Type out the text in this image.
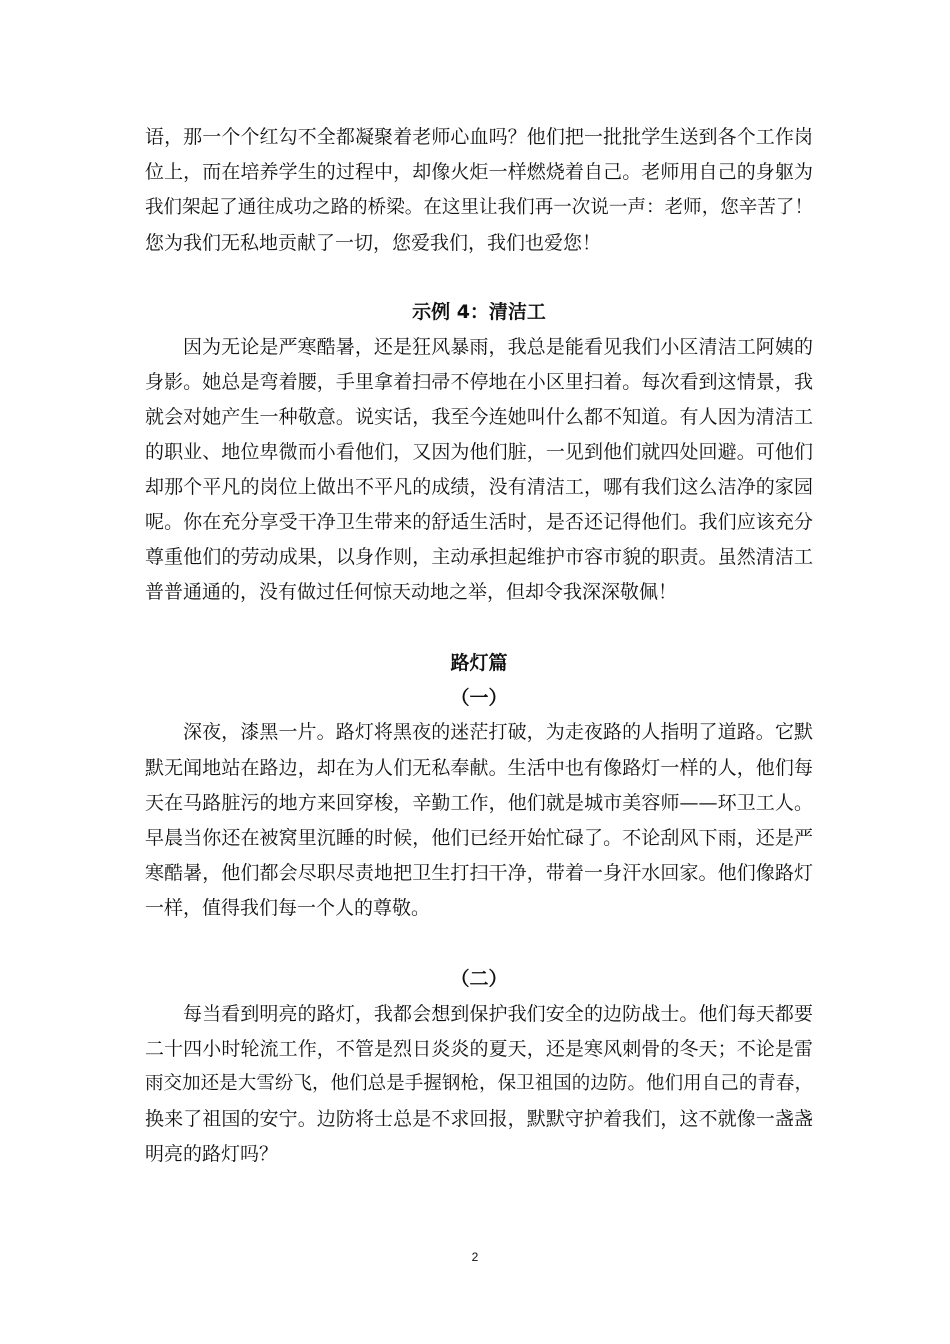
语，那一个个红勾不全都凝聚着老师心血吗？他们把一批批学生送到各个工作岗
位上，而在培养学生的过程中，却像火炬一样燃烧着自己。老师用自己的身躯为
我们架起了通往成功之路的桥梁。在这里让我们再一次说一声：老师，您辛苦了！
您为我们无私地贡献了一切，您爱我们，我们也爱您！
示例 4：清洁工
因为无论是严寒酷暑，还是狂风暴雨，我总是能看见我们小区清洁工阿姨的
身影。她总是弯着腰，手里拿着扫帚不停地在小区里扫着。每次看到这情景，我
就会对她产生一种敬意。说实话，我至今连她叫什么都不知道。有人因为清洁工
的职业、地位卑微而小看他们，又因为他们脏，一见到他们就四处回避。可他们
却那个平凡的岗位上做出不平凡的成绩，没有清洁工，哪有我们这么洁净的家园
呢。你在充分享受干净卫生带来的舒适生活时，是否还记得他们。我们应该充分
尊重他们的劳动成果，以身作则，主动承担起维护市容市貌的职责。虽然清洁工
普普通通的，没有做过任何惊天动地之举，但却令我深深敬佩！
路灯篇
（一）
深夜，漆黑一片。路灯将黑夜的迷茫打破，为走夜路的人指明了道路。它默
默无闻地站在路边，却在为人们无私奉献。生活中也有像路灯一样的人，他们每
天在马路脏污的地方来回穿梭，辛勤工作，他们就是城市美容师——环卫工人。
早晨当你还在被窝里沉睡的时候，他们已经开始忙碌了。不论刮风下雨，还是严
寒酷暑，他们都会尽职尽责地把卫生打扫干净，带着一身汗水回家。他们像路灯
一样，值得我们每一个人的尊敬。
（二）
每当看到明亮的路灯，我都会想到保护我们安全的边防战士。他们每天都要
二十四小时轮流工作，不管是烈日炎炎的夏天，还是寒风刺骨的冬天；不论是雷
雨交加还是大雪纷飞，他们总是手握钢枪，保卫祖国的边防。他们用自己的青春，
换来了祖国的安宁。边防将士总是不求回报，默默守护着我们，这不就像一盏盏
明亮的路灯吗？
2
